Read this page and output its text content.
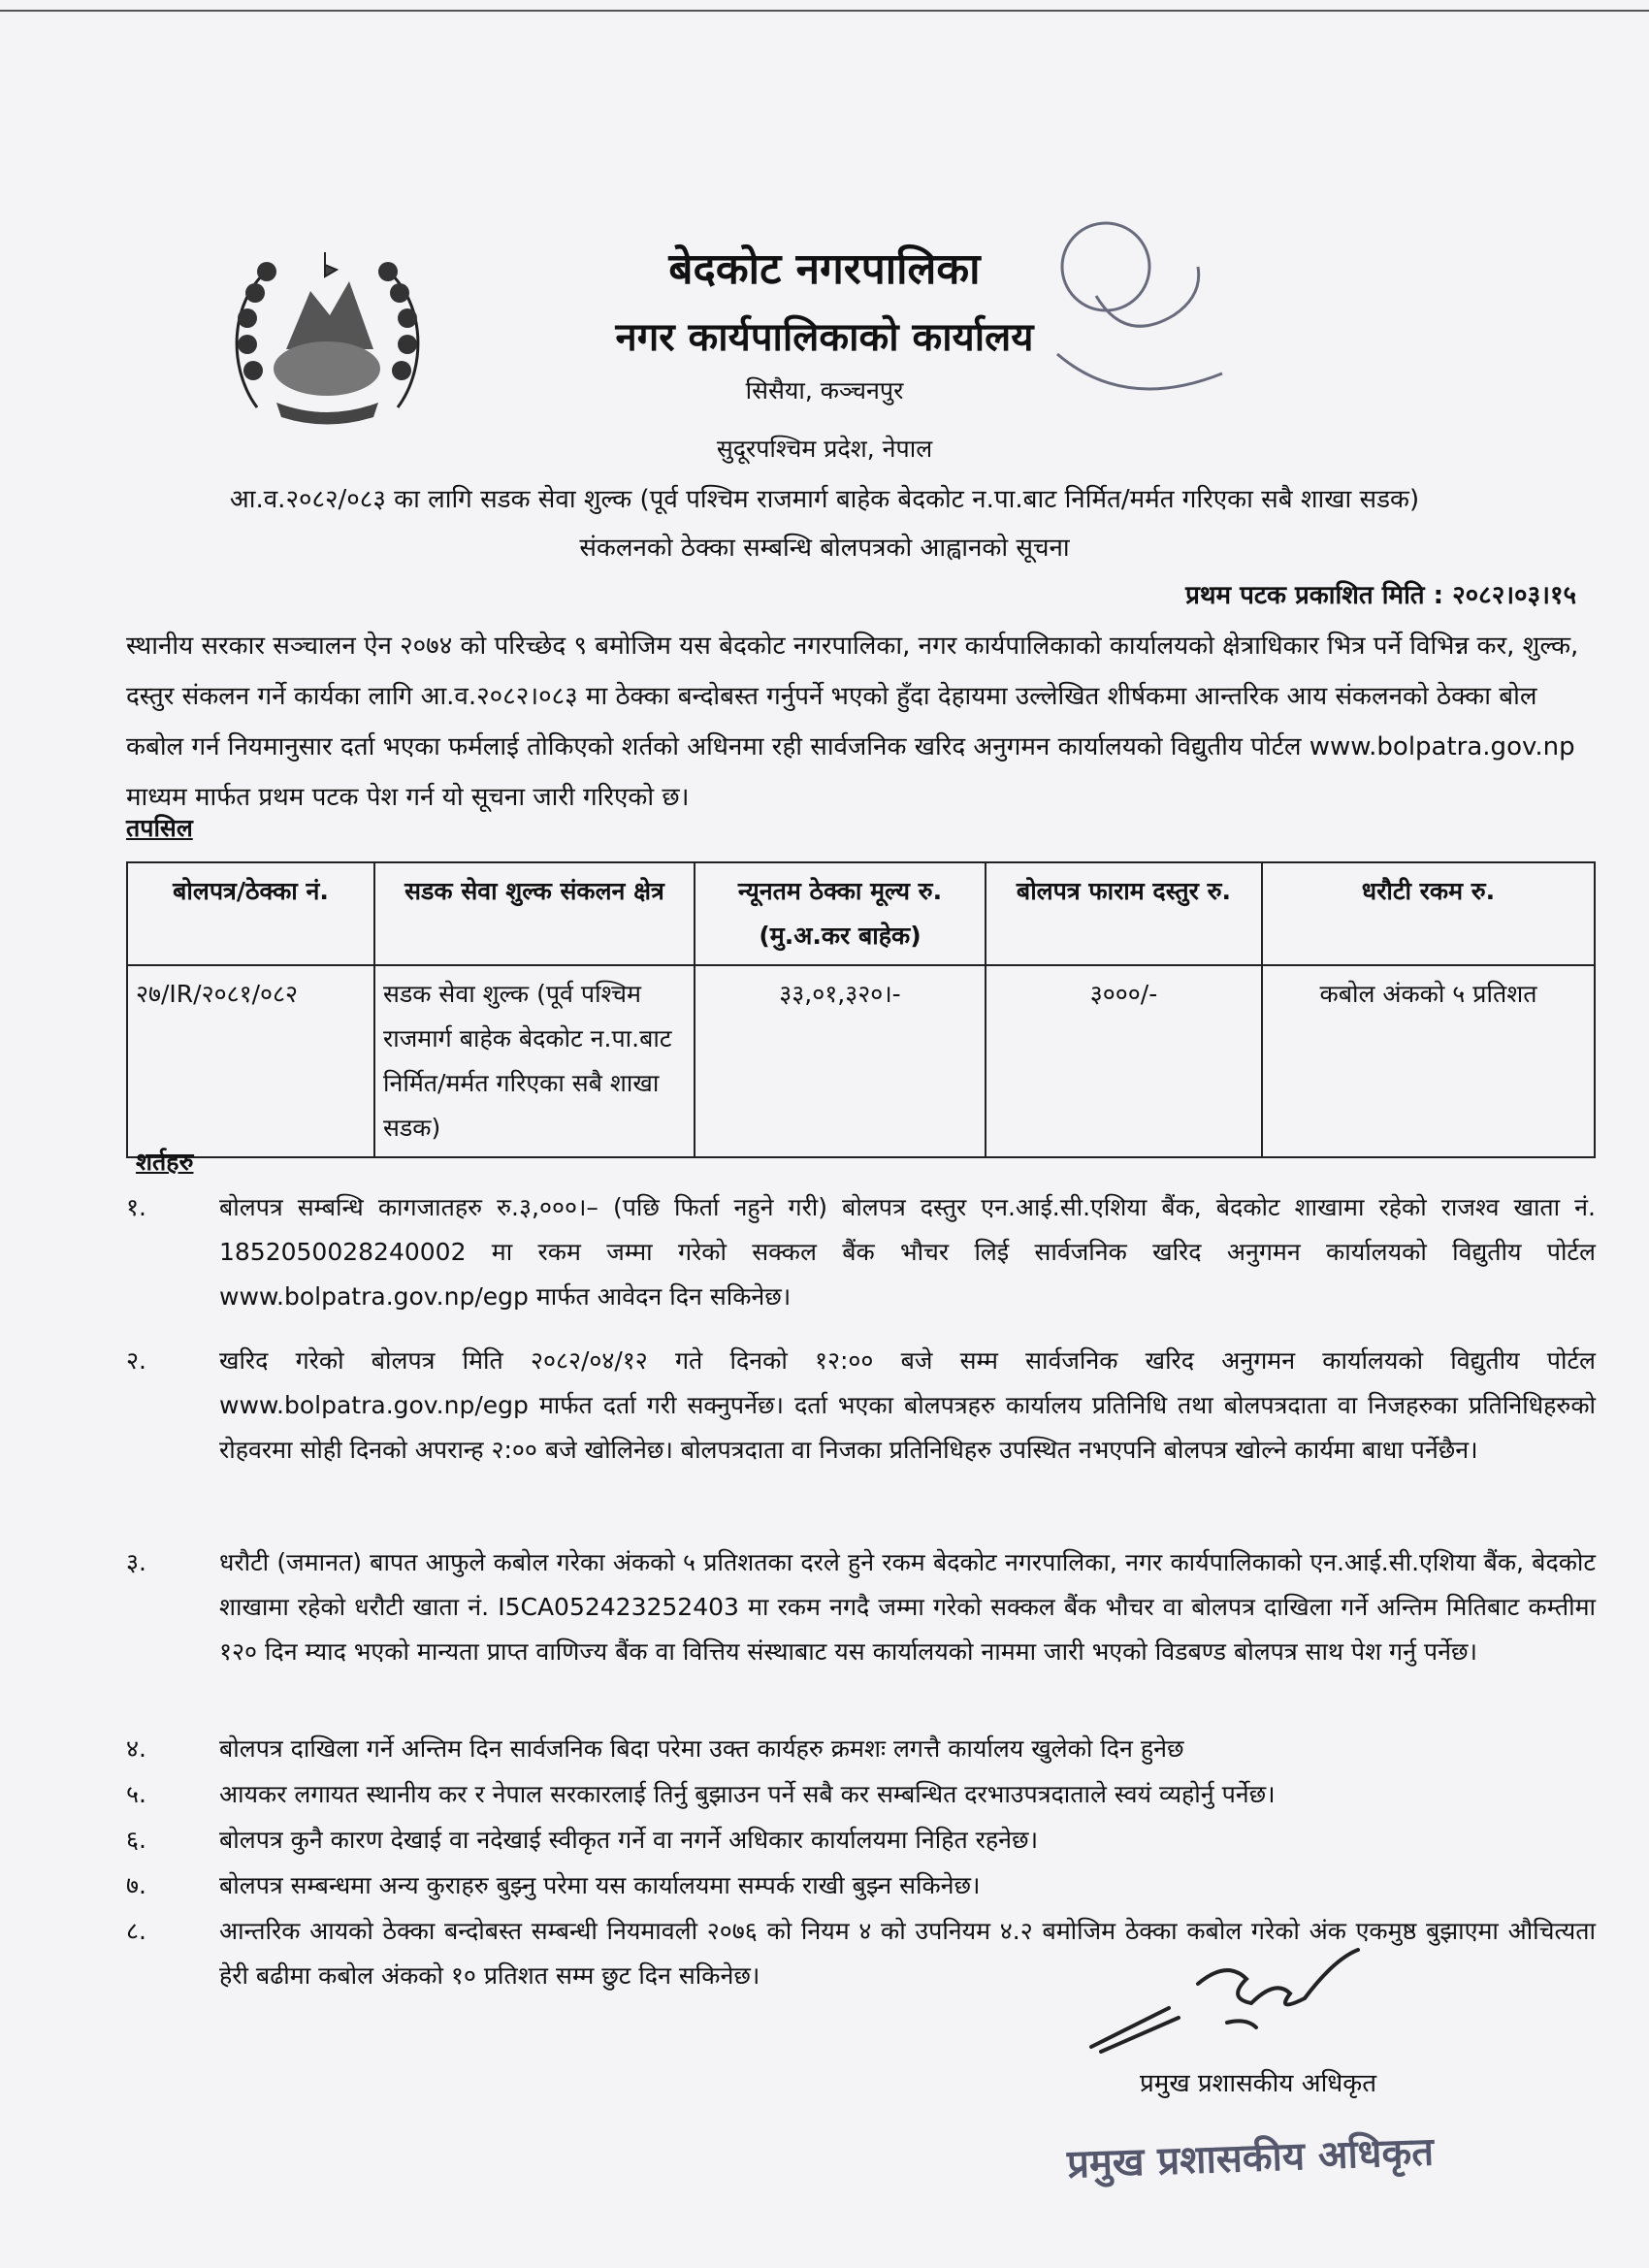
बेदकोट नगरपालिका
नगर कार्यपालिकाको कार्यालय
सिसैया, कञ्चनपुर
सुदूरपश्चिम प्रदेश, नेपाल
आ.व.२०८२/०८३ का लागि सडक सेवा शुल्क (पूर्व पश्चिम राजमार्ग बाहेक बेदकोट न.पा.बाट निर्मित/मर्मत गरिएका सबै शाखा सडक)
संकलनको ठेक्का सम्बन्धि बोलपत्रको आह्वानको सूचना
प्रथम पटक प्रकाशित मिति : २०८२।०३।१५
स्थानीय सरकार सञ्चालन ऐन २०७४ को परिच्छेद ९ बमोजिम यस बेदकोट नगरपालिका, नगर कार्यपालिकाको कार्यालयको क्षेत्राधिकार भित्र पर्ने विभिन्न कर, शुल्क, दस्तुर संकलन गर्ने कार्यका लागि आ.व.२०८२।०८३ मा ठेक्का बन्दोबस्त गर्नुपर्ने भएको हुँदा देहायमा उल्लेखित शीर्षकमा आन्तरिक आय संकलनको ठेक्का बोल कबोल गर्न नियमानुसार दर्ता भएका फर्मलाई तोकिएको शर्तको अधिनमा रही सार्वजनिक खरिद अनुगमन कार्यालयको विद्युतीय पोर्टल www.bolpatra.gov.np माध्यम मार्फत प्रथम पटक पेश गर्न यो सूचना जारी गरिएको छ।
तपसिल
बोलपत्र/ठेक्का नं.	सडक सेवा शुल्क संकलन क्षेत्र	न्यूनतम ठेक्का मूल्य रु.(मु.अ.कर बाहेक)	बोलपत्र फाराम दस्तुर रु.	धरौटी रकम रु.
२७/IR/२०८१/०८२	सडक सेवा शुल्क (पूर्व पश्चिम राजमार्ग बाहेक बेदकोट न.पा.बाट निर्मित/मर्मत गरिएका सबै शाखा सडक)	३३,०१,३२०।-	३०००/-	कबोल अंकको ५ प्रतिशत
शर्तहरु
१.	बोलपत्र सम्बन्धि कागजातहरु रु.३,०००।– (पछि फिर्ता नहुने गरी) बोलपत्र दस्तुर एन.आई.सी.एशिया बैंक, बेदकोट शाखामा रहेको राजश्व खाता नं. 1852050028240002 मा रकम जम्मा गरेको सक्कल बैंक भौचर लिई सार्वजनिक खरिद अनुगमन कार्यालयको विद्युतीय पोर्टल www.bolpatra.gov.np/egp मार्फत आवेदन दिन सकिनेछ।
२.	खरिद गरेको बोलपत्र मिति २०८२/०४/१२ गते दिनको १२:०० बजे सम्म सार्वजनिक खरिद अनुगमन कार्यालयको विद्युतीय पोर्टल www.bolpatra.gov.np/egp मार्फत दर्ता गरी सक्नुपर्नेछ। दर्ता भएका बोलपत्रहरु कार्यालय प्रतिनिधि तथा बोलपत्रदाता वा निजहरुका प्रतिनिधिहरुको रोहवरमा सोही दिनको अपरान्ह २:०० बजे खोलिनेछ। बोलपत्रदाता वा निजका प्रतिनिधिहरु उपस्थित नभएपनि बोलपत्र खोल्ने कार्यमा बाधा पर्नेछैन।
३.	धरौटी (जमानत) बापत आफुले कबोल गरेका अंकको ५ प्रतिशतका दरले हुने रकम बेदकोट नगरपालिका, नगर कार्यपालिकाको एन.आई.सी.एशिया बैंक, बेदकोट शाखामा रहेको धरौटी खाता नं. I5CA052423252403 मा रकम नगदै जम्मा गरेको सक्कल बैंक भौचर वा बोलपत्र दाखिला गर्ने अन्तिम मितिबाट कम्तीमा १२० दिन म्याद भएको मान्यता प्राप्त वाणिज्य बैंक वा वित्तिय संस्थाबाट यस कार्यालयको नाममा जारी भएको विडबण्ड बोलपत्र साथ पेश गर्नु पर्नेछ।
४.	बोलपत्र दाखिला गर्ने अन्तिम दिन सार्वजनिक बिदा परेमा उक्त कार्यहरु क्रमशः लगत्तै कार्यालय खुलेको दिन हुनेछ
५.	आयकर लगायत स्थानीय कर र नेपाल सरकारलाई तिर्नु बुझाउन पर्ने सबै कर सम्बन्धित दरभाउपत्रदाताले स्वयं व्यहोर्नु पर्नेछ।
६.	बोलपत्र कुनै कारण देखाई वा नदेखाई स्वीकृत गर्ने वा नगर्ने अधिकार कार्यालयमा निहित रहनेछ।
७.	बोलपत्र सम्बन्धमा अन्य कुराहरु बुझ्नु परेमा यस कार्यालयमा सम्पर्क राखी बुझ्न सकिनेछ।
८.	आन्तरिक आयको ठेक्का बन्दोबस्त सम्बन्धी नियमावली २०७६ को नियम ४ को उपनियम ४.२ बमोजिम ठेक्का कबोल गरेको अंक एकमुष्ठ बुझाएमा औचित्यता हेरी बढीमा कबोल अंकको १० प्रतिशत सम्म छुट दिन सकिनेछ।
प्रमुख प्रशासकीय अधिकृत
प्रमुख प्रशासकीय अधिकृत
